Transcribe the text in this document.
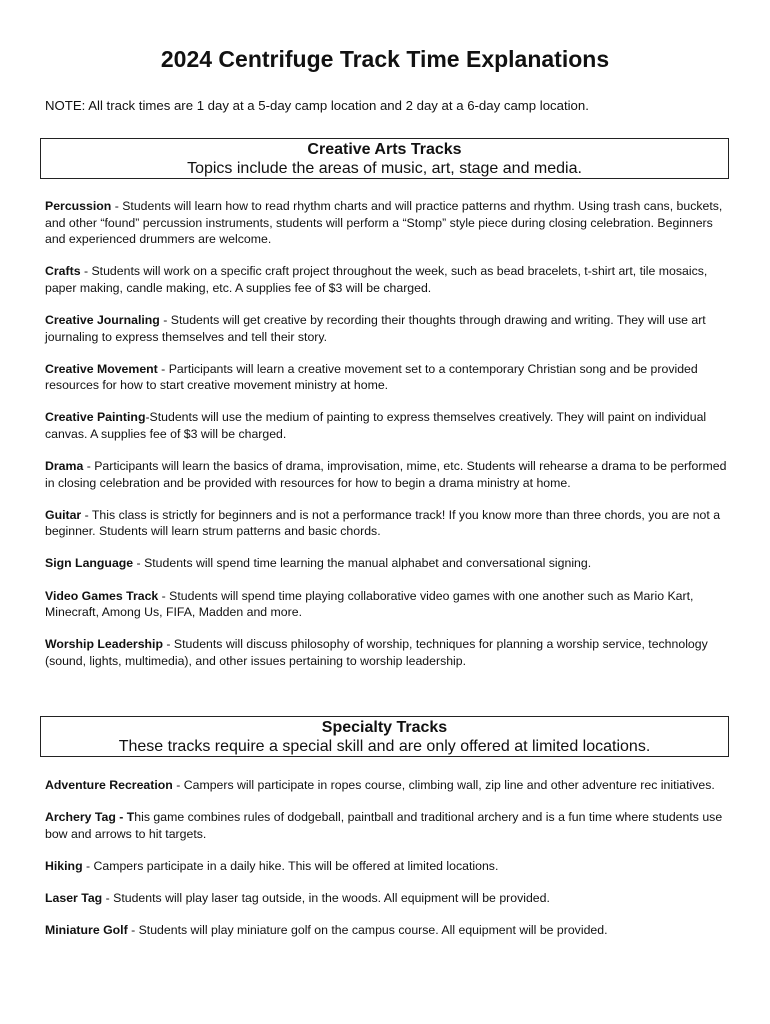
2024 Centrifuge Track Time Explanations

NOTE: All track times are 1 day at a 5-day camp location and 2 day at a 6-day camp location.

Creative Arts Tracks
Topics include the areas of music, art, stage and media.

Percussion - Students will learn how to read rhythm charts and will practice patterns and rhythm. Using trash cans, buckets, and other “found” percussion instruments, students will perform a “Stomp” style piece during closing celebration. Beginners and experienced drummers are welcome.

Crafts - Students will work on a specific craft project throughout the week, such as bead bracelets, t-shirt art, tile mosaics, paper making, candle making, etc. A supplies fee of $3 will be charged.

Creative Journaling - Students will get creative by recording their thoughts through drawing and writing. They will use art journaling to express themselves and tell their story.

Creative Movement - Participants will learn a creative movement set to a contemporary Christian song and be provided resources for how to start creative movement ministry at home.

Creative Painting-Students will use the medium of painting to express themselves creatively. They will paint on individual canvas. A supplies fee of $3 will be charged.

Drama - Participants will learn the basics of drama, improvisation, mime, etc. Students will rehearse a drama to be performed in closing celebration and be provided with resources for how to begin a drama ministry at home.

Guitar - This class is strictly for beginners and is not a performance track! If you know more than three chords, you are not a beginner. Students will learn strum patterns and basic chords.

Sign Language - Students will spend time learning the manual alphabet and conversational signing.

Video Games Track - Students will spend time playing collaborative video games with one another such as Mario Kart, Minecraft, Among Us, FIFA, Madden and more.

Worship Leadership - Students will discuss philosophy of worship, techniques for planning a worship service, technology (sound, lights, multimedia), and other issues pertaining to worship leadership.

Specialty Tracks
These tracks require a special skill and are only offered at limited locations.

Adventure Recreation - Campers will participate in ropes course, climbing wall, zip line and other adventure rec initiatives.

Archery Tag - This game combines rules of dodgeball, paintball and traditional archery and is a fun time where students use bow and arrows to hit targets.

Hiking - Campers participate in a daily hike. This will be offered at limited locations.

Laser Tag - Students will play laser tag outside, in the woods. All equipment will be provided.

Miniature Golf - Students will play miniature golf on the campus course. All equipment will be provided.
